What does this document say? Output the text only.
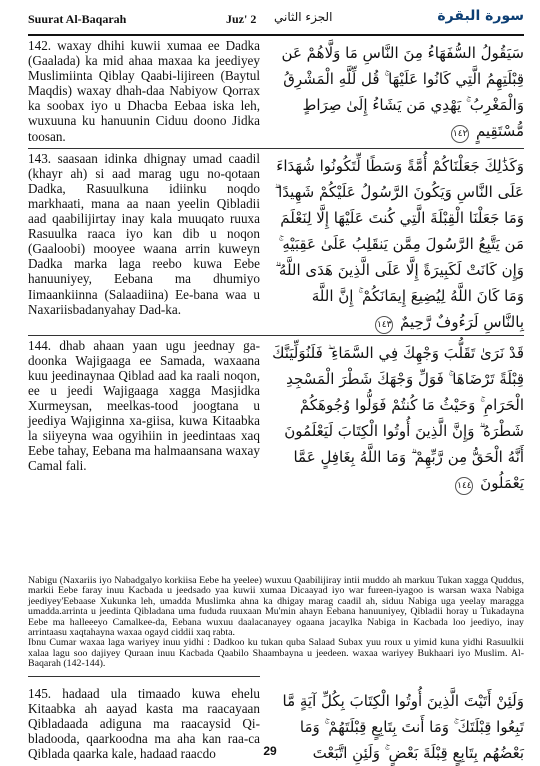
Suurat Al-Baqarah	Juz' 2 الجزء الثاني	سورة البقرة
142. waxay dhihi kuwii xumaa ee Dadka (Gaalada) ka mid ahaa maxaa ka jeediyey Muslimiinta Qiblay Qaabi-lijireen (Baytul Maqdis) waxay dhah-daa Nabiyow Qorrax ka soobax iyo u Dhacba Eebaa iska leh, wuxuuna ku hanuunin Ciduu doono Jidka toosan.
سَيَقُولُ السُّفَهَاءُ مِنَ النَّاسِ مَا وَلَّاهُمْ عَن قِبْلَتِهِمُ الَّتِي كَانُوا عَلَيْهَا ۚ قُل لِّلَّهِ الْمَشْرِقُ وَالْمَغْرِبُ ۚ يَهْدِي مَن يَشَاءُ إِلَىٰ صِرَاطٍ مُّسْتَقِيمٍ ١٤٢
143. saasaan idinka dhignay umad caadil (khayr ah) si aad marag ugu no-qotaan Dadka, Rasuulkuna idiinku noqdo markhaati, mana aa naan yeelin Qibladii aad qaabilijirtay inay kala muuqato ruuxa Rasuulka raaca iyo kan dib u noqon (Gaaloobi) mooyee waana arrin kuweyn Dadka marka laga reebo kuwa Eebe hanuuniyey, Eebana ma dhumiyo Iimaankiinna (Salaadiina) Ee-bana waa u Naxariisbadanyahay Dad-ka.
وَكَذَٰلِكَ جَعَلْنَاكُمْ أُمَّةً وَسَطًا لِّتَكُونُوا شُهَدَاءَ عَلَى النَّاسِ وَيَكُونَ الرَّسُولُ عَلَيْكُمْ شَهِيدًا ۗ وَمَا جَعَلْنَا الْقِبْلَةَ الَّتِي كُنتَ عَلَيْهَا إِلَّا لِنَعْلَمَ مَن يَتَّبِعُ الرَّسُولَ مِمَّن يَنقَلِبُ عَلَىٰ عَقِبَيْهِ ۚ وَإِن كَانَتْ لَكَبِيرَةً إِلَّا عَلَى الَّذِينَ هَدَى اللَّهُ ۗ وَمَا كَانَ اللَّهُ لِيُضِيعَ إِيمَانَكُمْ ۚ إِنَّ اللَّهَ بِالنَّاسِ لَرَءُوفٌ رَّحِيمٌ ١٤٣
144. dhab ahaan yaan ugu jeednay ga-doonka Wajigaaga ee Samada, waxaana kuu jeedinaynaa Qiblad aad ka raali noqon, ee u jeedi Wajigaaga xagga Masjidka Xurmeysan, meelkas-tood joogtana u jeediya Wajiginna xa-giisa, kuwa Kitaabka la siiyeyna waa ogyihiin in jeedintaas xaq Eebe tahay, Eebana ma halmaansana waxay Camal fali.
قَدْ نَرَىٰ تَقَلُّبَ وَجْهِكَ فِي السَّمَاءِ ۖ فَلَنُوَلِّيَنَّكَ قِبْلَةً تَرْضَاهَا ۚ فَوَلِّ وَجْهَكَ شَطْرَ الْمَسْجِدِ الْحَرَامِ ۚ وَحَيْثُ مَا كُنتُمْ فَوَلُّوا وُجُوهَكُمْ شَطْرَهُ ۗ وَإِنَّ الَّذِينَ أُوتُوا الْكِتَابَ لَيَعْلَمُونَ أَنَّهُ الْحَقُّ مِن رَّبِّهِمْ ۗ وَمَا اللَّهُ بِغَافِلٍ عَمَّا يَعْمَلُونَ ١٤٤

Nabigu (Naxariis iyo Nabadgalyo korkiisa Eebe ha yeelee) wuxuu Qaabilijiray intii muddo ah markuu Tukan xagga Quddus, markii Eebe faray inuu Kacbada u jeedsado yaa kuwii xumaa Dicaayad iyo war fureen-iyagoo is warsan waxa Nabiga jeediyey'Eebaase Xukunka leh, umadda Muslimka ahna ka dhigay marag caadil ah, siduu Nabiga uga yeelay maragga umadda.arrinta u jeedinta Qibladana uma fududa ruuxaan Mu'min ahayn Eebana hanuuniyey, Qibladii horay u Tukadayna Eebe ma halleeeyo Camalkee-da, Eebana wuxuu daalacanayey ogaana jacaylka Nabiga in Kacbada loo jeediyo, inay arrintaasu xaqtahayna waxaa ogayd ciddii xaq rabta.

Ibnu Cumar waxaa laga wariyey inuu yidhi : Dadkoo ku tukan quba Salaad Subax yuu roux u yimid kuna yidhi Rasuulkii xalaa lagu soo dajiyey Quraan inuu Kacbada Qaabilo Shaambayna u jeedeen. waxaa wariyey Bukhaari iyo Muslim. Al-Baqarah (142-144).

145. hadaad ula timaado kuwa ehelu Kitaabka ah aayad kasta ma raacayaan Qibladaada adiguna ma raacaysid Qi-bladooda, qaarkoodna ma aha kan raa-ca Qiblada qaarka kale, hadaad raacdo
وَلَئِنْ أَتَيْتَ الَّذِينَ أُوتُوا الْكِتَابَ بِكُلِّ آيَةٍ مَّا تَبِعُوا قِبْلَتَكَ ۚ وَمَا أَنتَ بِتَابِعٍ قِبْلَتَهُمْ ۚ وَمَا بَعْضُهُم بِتَابِعٍ قِبْلَةَ بَعْضٍ ۚ وَلَئِنِ اتَّبَعْتَ
29
